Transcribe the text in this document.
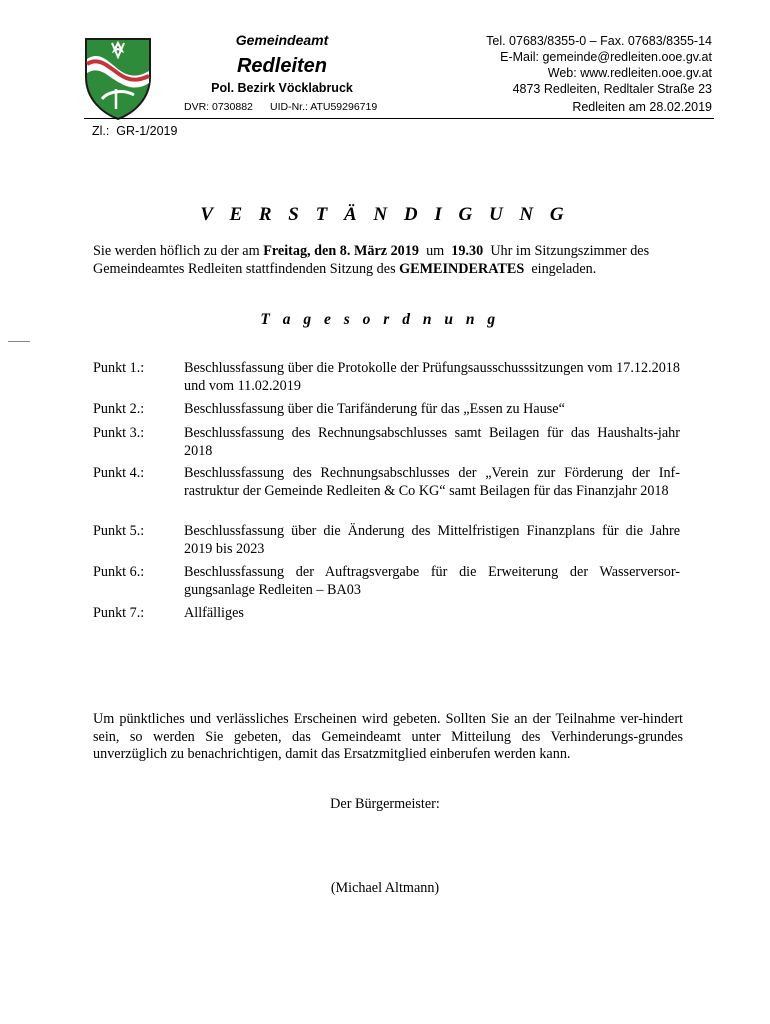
Gemeindeamt
Redleiten
Pol. Bezirk Vöcklabruck
DVR: 0730882 UID-Nr.: ATU59296719
Tel. 07683/8355-0 – Fax. 07683/8355-14
E-Mail: gemeinde@redleiten.ooe.gv.at
Web: www.redleiten.ooe.gv.at
4873 Redleiten, Redltaler Straße 23
Redleiten am 28.02.2019
Zl.:  GR-1/2019
V E R S T Ä N D I G U N G
Sie werden höflich zu der am Freitag, den 8. März 2019  um  19.30  Uhr im Sitzungszimmer des Gemeindeamtes Redleiten stattfindenden Sitzung des GEMEINDERATES  eingeladen.
T a g e s o r d n u n g
Punkt 1.:	Beschlussfassung über die Protokolle der Prüfungsausschusssitzungen vom 17.12.2018 und vom 11.02.2019
Punkt 2.:	Beschlussfassung über die Tarifänderung für das „Essen zu Hause“
Punkt 3.:	Beschlussfassung des Rechnungsabschlusses samt Beilagen für das Haushalts-jahr 2018
Punkt 4.:	Beschlussfassung des Rechnungsabschlusses der „Verein zur Förderung der Inf-rastruktur der Gemeinde Redleiten & Co KG“ samt Beilagen für das Finanzjahr 2018
Punkt 5.:	Beschlussfassung über die Änderung des Mittelfristigen Finanzplans für die Jahre 2019 bis 2023
Punkt 6.:	Beschlussfassung der Auftragsvergabe für die Erweiterung der Wasserversor-gungsanlage Redleiten – BA03
Punkt 7.:	Allfälliges
Um pünktliches und verlässliches Erscheinen wird gebeten. Sollten Sie an der Teilnahme ver-hindert sein, so werden Sie gebeten, das Gemeindeamt unter Mitteilung des Verhinderungs-grundes unverzüglich zu benachrichtigen, damit das Ersatzmitglied einberufen werden kann.
Der Bürgermeister:
(Michael Altmann)
